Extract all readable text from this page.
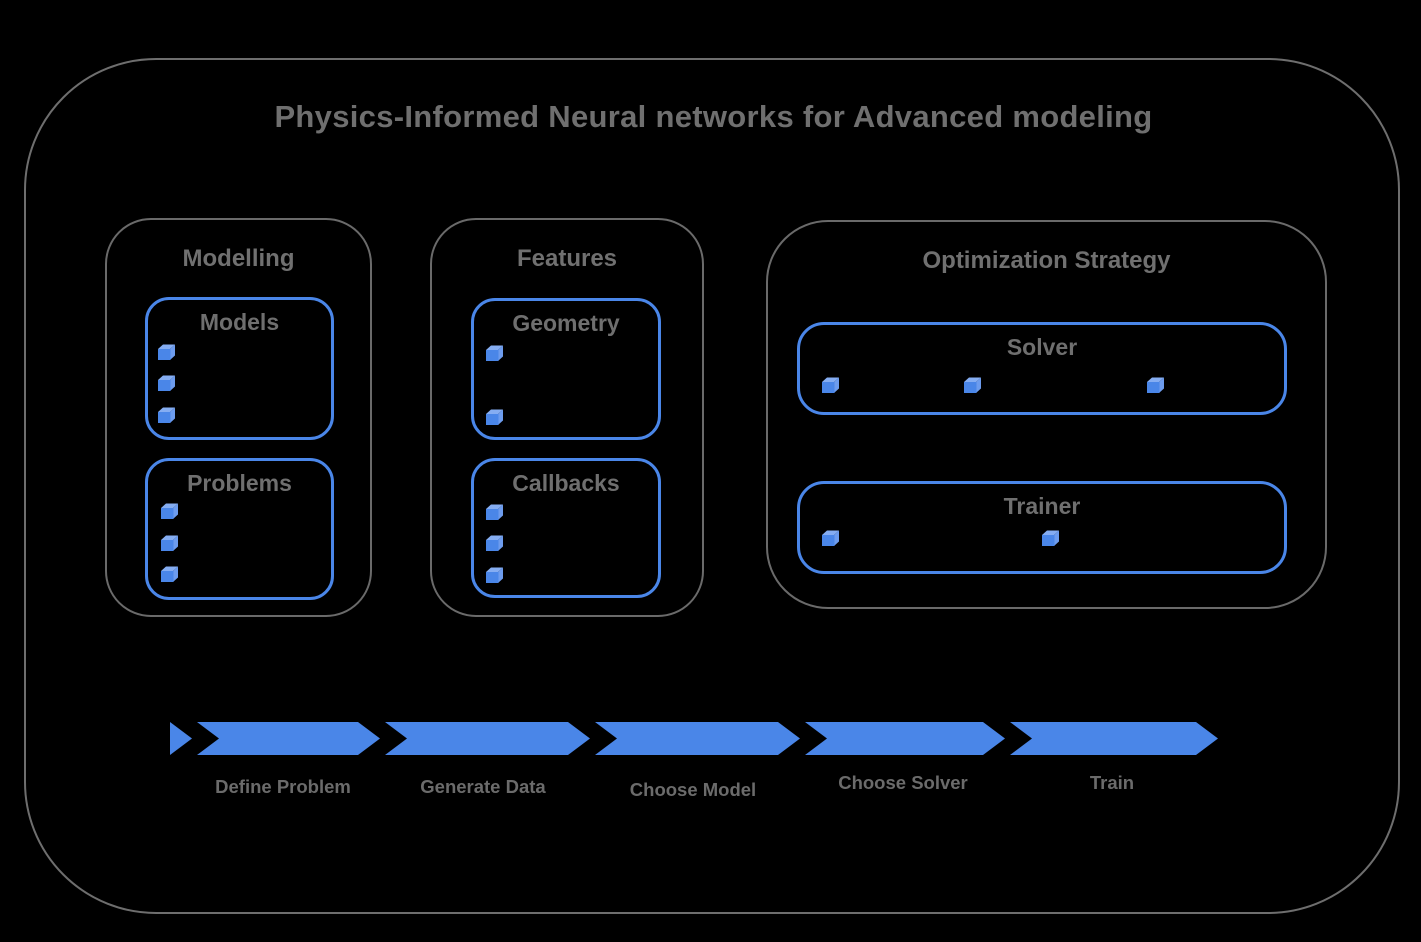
Physics-Informed Neural networks for Advanced modeling
Modelling
Models
Problems
Features
Geometry
Callbacks
Optimization Strategy
Solver
Trainer
Define Problem	Generate Data	Choose Model	Choose Solver	Train
